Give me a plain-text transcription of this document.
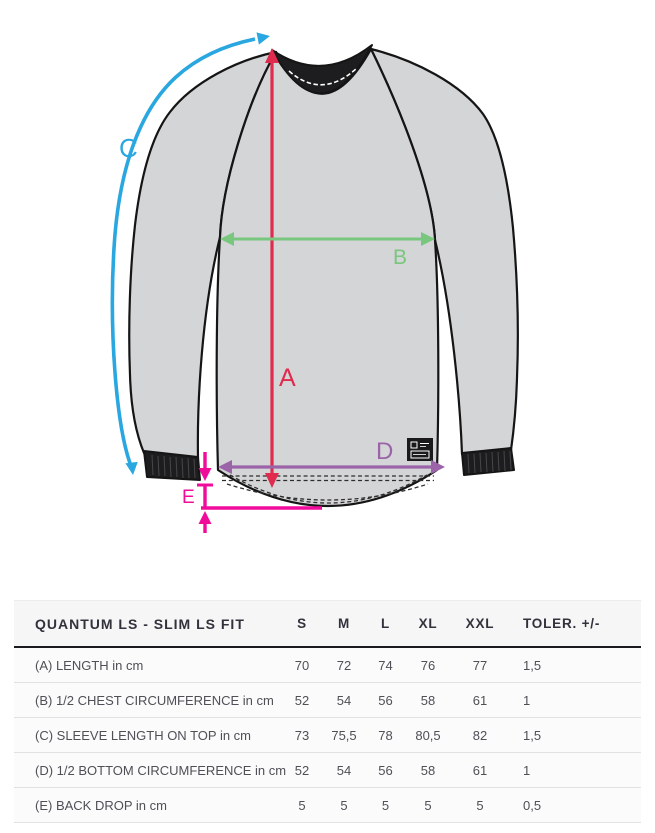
A
B
C
D
E
QUANTUM LS - SLIM LS FIT	S	M	L	XL	XXL	TOLER. +/-
(A) LENGTH in cm	70	72	74	76	77	1,5
(B) 1/2 CHEST CIRCUMFERENCE in cm	52	54	56	58	61	1
(C) SLEEVE LENGTH ON TOP in cm	73	75,5	78	80,5	82	1,5
(D) 1/2 BOTTOM CIRCUMFERENCE in cm	52	54	56	58	61	1
(E) BACK DROP in cm	5	5	5	5	5	0,5
